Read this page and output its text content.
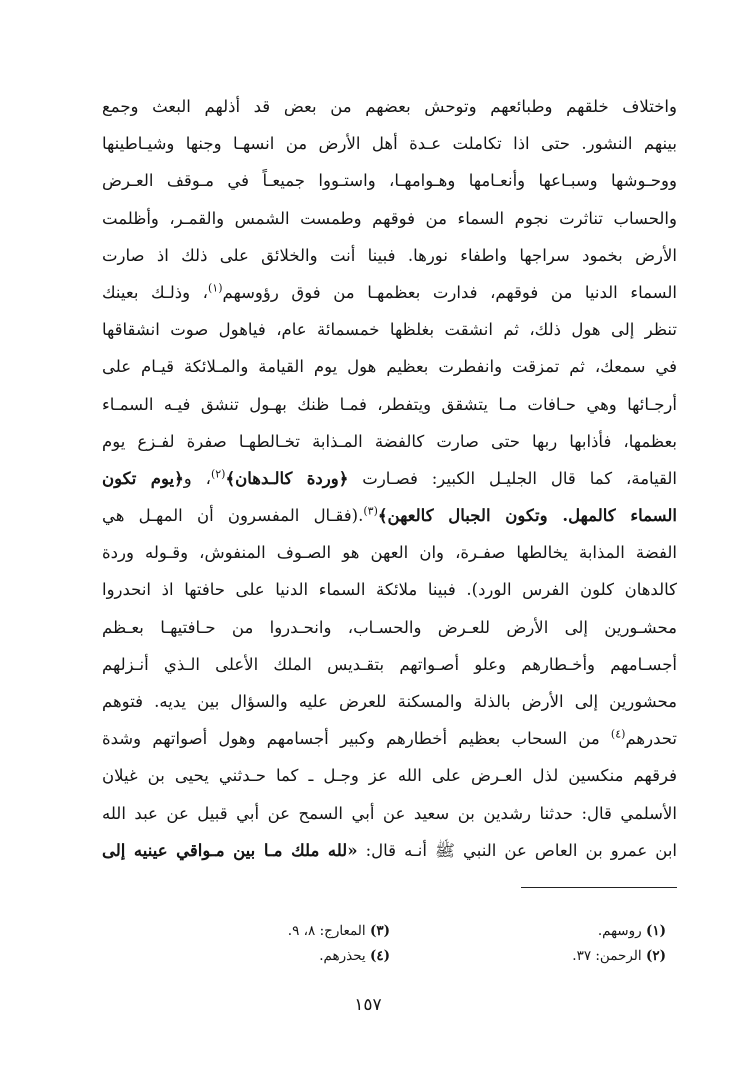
واختلاف خلقهم وطبائعهم وتوحش بعضهم من بعض قد أذلهم البعث وجمع
بينهم النشور. حتى اذا تكاملت عـدة أهل الأرض من انسهـا وجنها وشيـاطينها
ووحـوشها وسبـاعها وأنعـامها وهـوامهـا، واستـووا جميعـاً في مـوقف العـرض
والحساب تناثرت نجوم السماء من فوقهم وطمست الشمس والقمـر، وأظلمت
الأرض بخمود سراجها واطفاء نورها. فبينا أنت والخلائق على ذلك اذ صارت
السماء الدنيا من فوقهم، فدارت بعظمهـا من فوق رؤوسهم$^{(١)}$، وذلـك بعينك
تنظر إلى هول ذلك، ثم انشقت بغلظها خمسمائة عام، فياهول صوت انشقاقها
في سمعك، ثم تمزقت وانفطرت بعظيم هول يوم القيامة والمـلائكة قيـام على
أرجـائها وهي حـافات مـا يتشقق ويتفطر، فمـا ظنك بهـول تنشق فيـه السمـاء
بعظمها، فأذابها ربها حتى صارت كالفضة المـذابة تخـالطهـا صفرة لفـزع يوم
القيامة، كما قال الجليـل الكبير: فصـارت ﴿وردة كالـدهان﴾$^{(٢)}$، و﴿يوم تكون
السماء كالمهل. وتكون الجبال كالعهن﴾$^{(٣)}$.(فقـال المفسرون أن المهـل هي
الفضة المذابة يخالطها صفـرة، وان العهن هو الصـوف المنفوش، وقـوله وردة
كالدهان كلون الفرس الورد). فبينا ملائكة السماء الدنيا على حافتها اذ انحدروا
محشـورين إلى الأرض للعـرض والحسـاب، وانحـدروا من حـافتيهـا بعـظم
أجسـامهم وأخـطارهم وعلو أصـواتهم بتقـديس الملك الأعلى الـذي أنـزلهم
محشورين إلى الأرض بالذلة والمسكنة للعرض عليه والسؤال بين يديه. فتوهم
تحدرهم$^{(٤)}$ من السحاب بعظيم أخطارهم وكبير أجسامهم وهول أصواتهم وشدة
فرقهم منكسين لذل العـرض على الله عز وجـل ـ كما حـدثني يحيى بن غيلان
الأسلمي قال: حدثنا رشدين بن سعيد عن أبي السمح عن أبي قبيل عن عبد الله
ابن عمرو بن العاص عن النبي ﷺ أنـه قال: «لله ملك مـا بين مـواقي عينيه إلى
(١) روسهم.
(٢) الرحمن: ٣٧.
(٣) المعارج: ٨، ٩.
(٤) يحذرهم.
١٥٧
